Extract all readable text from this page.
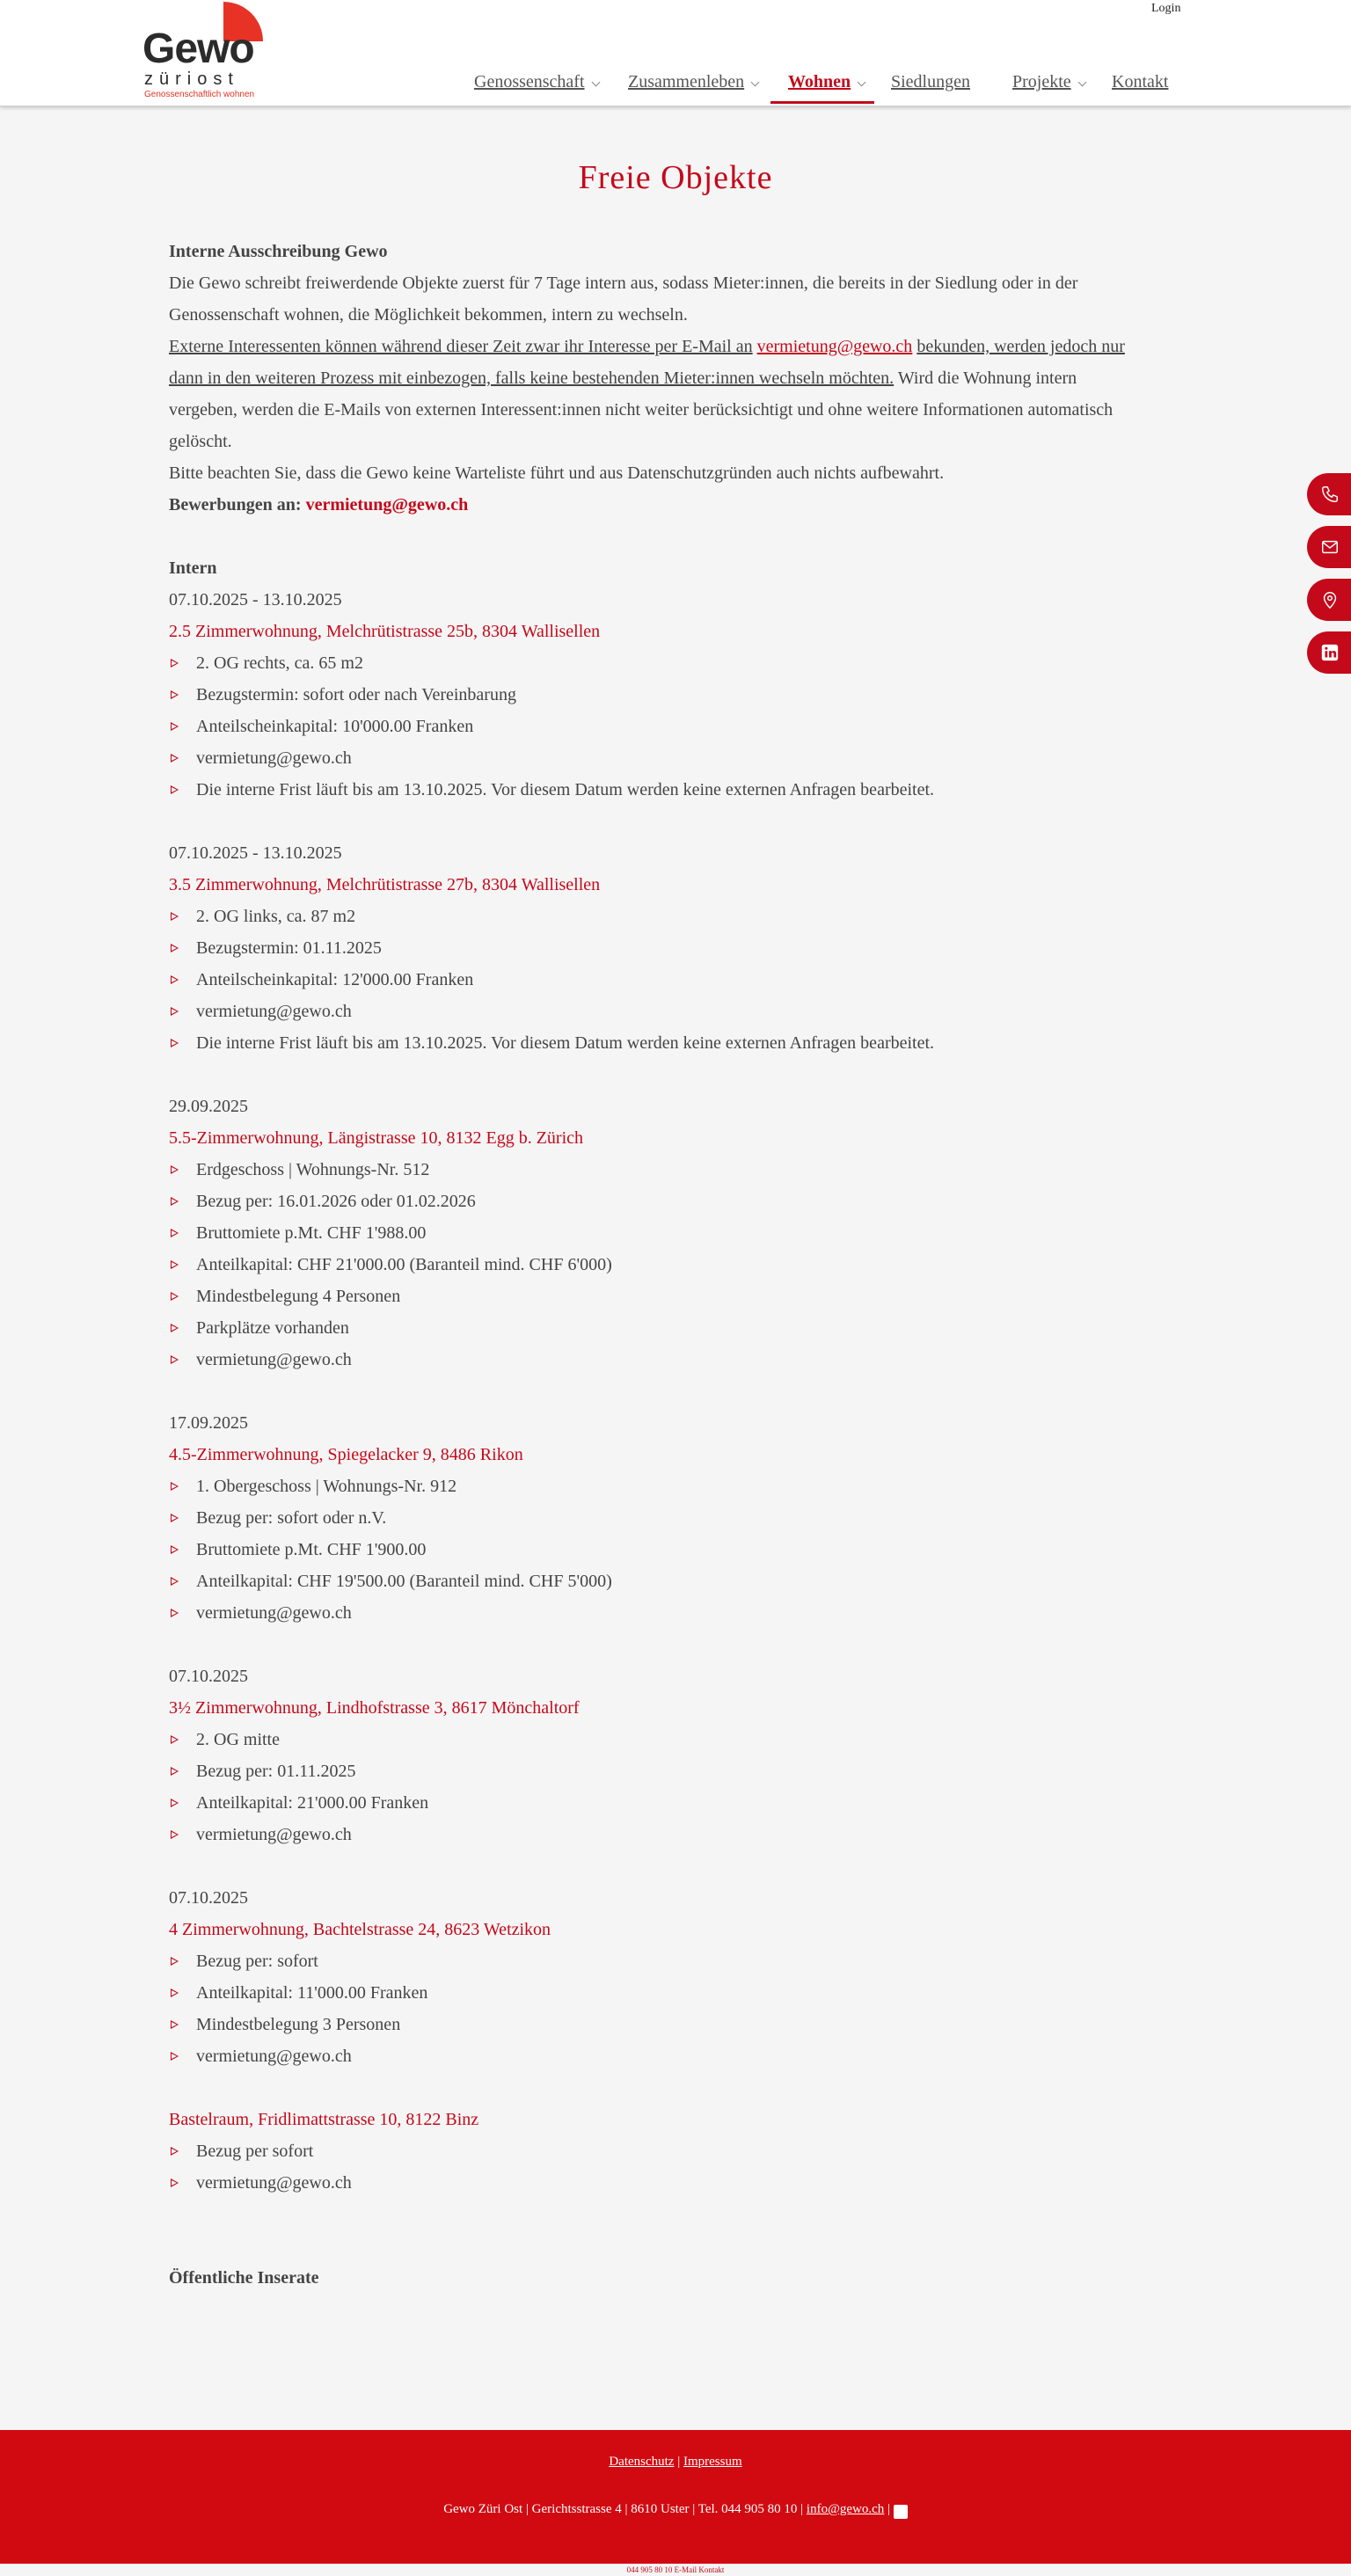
Gewo
züriost
Genossenschaftlich wohnen
Login
Genossenschaft Zusammenleben Wohnen Siedlungen Projekte Kontakt
Freie Objekte

Interne Ausschreibung Gewo

Die Gewo schreibt freiwerdende Objekte zuerst für 7 Tage intern aus, sodass Mieter:innen, die bereits in der Siedlung oder in der

Genossenschaft wohnen, die Möglichkeit bekommen, intern zu wechseln.

Externe Interessenten können während dieser Zeit zwar ihr Interesse per E-Mail an vermietung@gewo.ch bekunden, werden jedoch nur

dann in den weiteren Prozess mit einbezogen, falls keine bestehenden Mieter:innen wechseln möchten. Wird die Wohnung intern

vergeben, werden die E-Mails von externen Interessent:innen nicht weiter berücksichtigt und ohne weitere Informationen automatisch

gelöscht.

Bitte beachten Sie, dass die Gewo keine Warteliste führt und aus Datenschutzgründen auch nichts aufbewahrt.

Bewerbungen an: vermietung@gewo.ch

Intern

07.10.2025 - 13.10.2025

2.5 Zimmerwohnung, Melchrütistrasse 25b, 8304 Wallisellen

2. OG rechts, ca. 65 m2
Bezugstermin: sofort oder nach Vereinbarung
Anteilscheinkapital: 10'000.00 Franken
vermietung@gewo.ch
Die interne Frist läuft bis am 13.10.2025. Vor diesem Datum werden keine externen Anfragen bearbeitet.

07.10.2025 - 13.10.2025

3.5 Zimmerwohnung, Melchrütistrasse 27b, 8304 Wallisellen

2. OG links, ca. 87 m2
Bezugstermin: 01.11.2025
Anteilscheinkapital: 12'000.00 Franken
vermietung@gewo.ch
Die interne Frist läuft bis am 13.10.2025. Vor diesem Datum werden keine externen Anfragen bearbeitet.

29.09.2025

5.5-Zimmerwohnung, Längistrasse 10, 8132 Egg b. Zürich

Erdgeschoss | Wohnungs-Nr. 512
Bezug per: 16.01.2026 oder 01.02.2026
Bruttomiete p.Mt. CHF 1'988.00
Anteilkapital: CHF 21'000.00 (Baranteil mind. CHF 6'000)
Mindestbelegung 4 Personen
Parkplätze vorhanden
vermietung@gewo.ch

17.09.2025

4.5-Zimmerwohnung, Spiegelacker 9, 8486 Rikon

1. Obergeschoss | Wohnungs-Nr. 912
Bezug per: sofort oder n.V.
Bruttomiete p.Mt. CHF 1'900.00
Anteilkapital: CHF 19'500.00 (Baranteil mind. CHF 5'000)
vermietung@gewo.ch

07.10.2025

3½ Zimmerwohnung, Lindhofstrasse 3, 8617 Mönchaltorf

2. OG mitte
Bezug per: 01.11.2025
Anteilkapital: 21'000.00 Franken
vermietung@gewo.ch

07.10.2025

4 Zimmerwohnung, Bachtelstrasse 24, 8623 Wetzikon

Bezug per: sofort
Anteilkapital: 11'000.00 Franken
Mindestbelegung 3 Personen
vermietung@gewo.ch

Bastelraum, Fridlimattstrasse 10, 8122 Binz

Bezug per sofort
vermietung@gewo.ch

Öffentliche Inserate

Datenschutz | Impressum
Gewo Züri Ost | Gerichtsstrasse 4 | 8610 Uster | Tel. 044 905 80 10 | info@gewo.ch | in
044 905 80 10 E-Mail Kontakt
